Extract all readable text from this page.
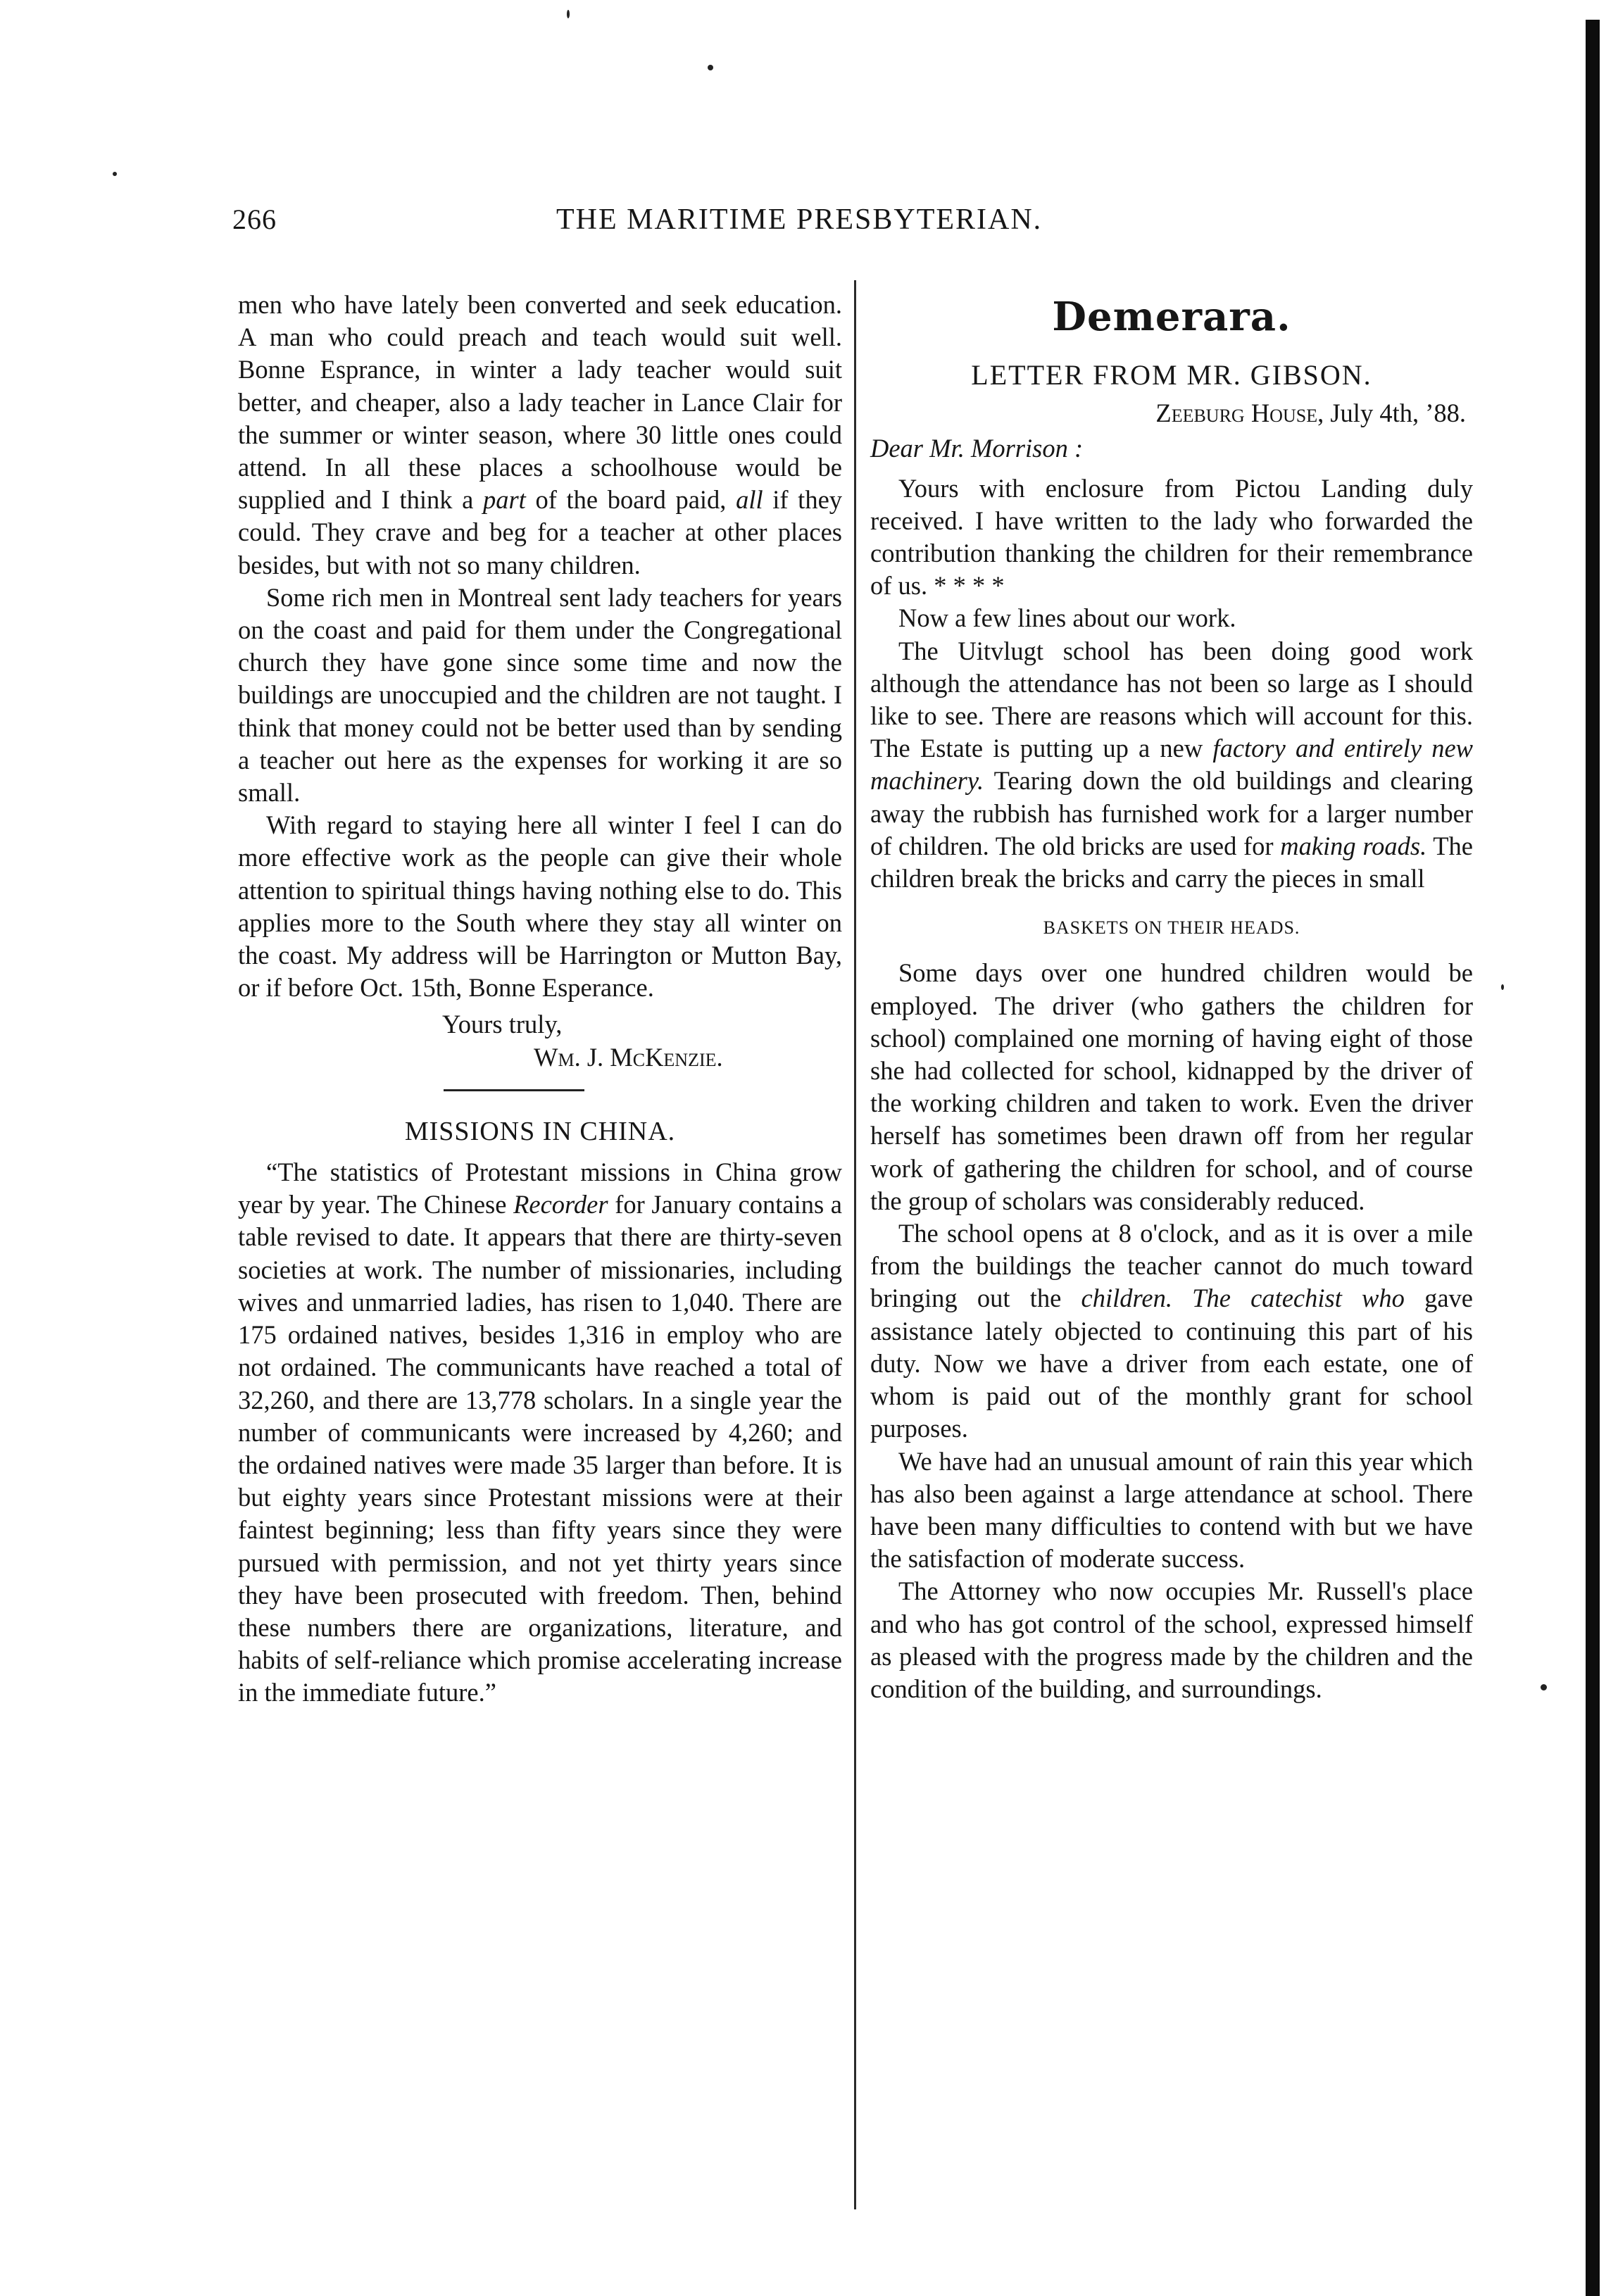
266	THE MARITIME PRESBYTERIAN.

men who have lately been converted and seek education. A man who could preach and teach would suit well. Bonne Esprance, in winter a lady teacher would suit better, and cheaper, also a lady teacher in Lance Clair for the summer or winter season, where 30 little ones could attend. In all these places a schoolhouse would be supplied and I think a part of the board paid, all if they could. They crave and beg for a teacher at other places besides, but with not so many children.

Some rich men in Montreal sent lady teachers for years on the coast and paid for them under the Congregational church they have gone since some time and now the buildings are unoccupied and the children are not taught. I think that money could not be better used than by sending a teacher out here as the expenses for working it are so small.

With regard to staying here all winter I feel I can do more effective work as the people can give their whole attention to spiritual things having nothing else to do. This applies more to the South where they stay all winter on the coast. My address will be Harrington or Mutton Bay, or if before Oct. 15th, Bonne Esperance.

Yours truly,

Wm. J. McKenzie.

MISSIONS IN CHINA.

“The statistics of Protestant missions in China grow year by year. The Chinese Recorder for January contains a table revised to date. It appears that there are thirty-seven societies at work. The number of missionaries, including wives and unmarried ladies, has risen to 1,040. There are 175 ordained natives, besides 1,316 in employ who are not ordained. The communicants have reached a total of 32,260, and there are 13,778 scholars. In a single year the number of communicants were increased by 4,260; and the ordained natives were made 35 larger than before. It is but eighty years since Protestant missions were at their faintest beginning; less than fifty years since they were pursued with permission, and not yet thirty years since they have been prosecuted with freedom. Then, behind these numbers there are organizations, literature, and habits of self-reliance which promise accelerating increase in the immediate future.”

Demerara.

LETTER FROM MR. GIBSON.

Zeeburg House, July 4th, ’88.

Dear Mr. Morrison :

Yours with enclosure from Pictou Landing duly received. I have written to the lady who forwarded the contribution thanking the children for their remembrance of us. * * * *

Now a few lines about our work.

The Uitvlugt school has been doing good work although the attendance has not been so large as I should like to see. There are reasons which will account for this. The Estate is putting up a new factory and entirely new machinery. Tearing down the old buildings and clearing away the rubbish has furnished work for a larger number of children. The old bricks are used for making roads. The children break the bricks and carry the pieces in small

BASKETS ON THEIR HEADS.

Some days over one hundred children would be employed. The driver (who gathers the children for school) complained one morning of having eight of those she had collected for school, kidnapped by the driver of the working children and taken to work. Even the driver herself has sometimes been drawn off from her regular work of gathering the children for school, and of course the group of scholars was considerably reduced.

The school opens at 8 o'clock, and as it is over a mile from the buildings the teacher cannot do much toward bringing out the children. The catechist who gave assistance lately objected to continuing this part of his duty. Now we have a driver from each estate, one of whom is paid out of the monthly grant for school purposes.

We have had an unusual amount of rain this year which has also been against a large attendance at school. There have been many difficulties to contend with but we have the satisfaction of moderate success.

The Attorney who now occupies Mr. Russell's place and who has got control of the school, expressed himself as pleased with the progress made by the children and the condition of the building, and surroundings.
